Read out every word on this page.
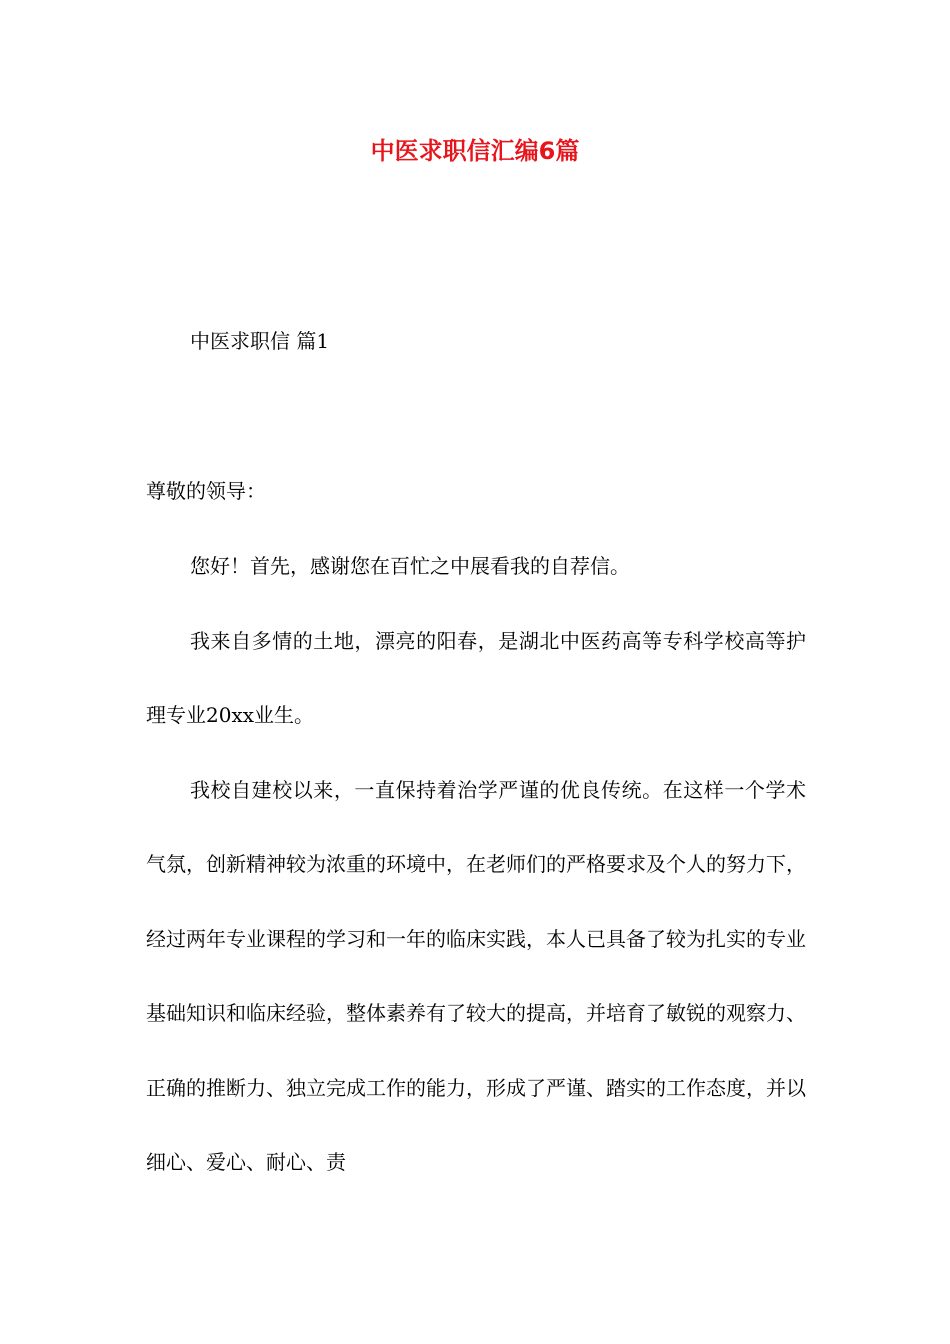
中医求职信汇编6篇

中医求职信 篇1

尊敬的领导：

您好！首先，感谢您在百忙之中展看我的自荐信。

我来自多情的土地，漂亮的阳春，是湖北中医药高等专科学校高等护理专业20xx业生。

我校自建校以来，一直保持着治学严谨的优良传统。在这样一个学术气氛，创新精神较为浓重的环境中，在老师们的严格要求及个人的努力下，经过两年专业课程的学习和一年的临床实践，本人已具备了较为扎实的专业基础知识和临床经验，整体素养有了较大的提高，并培育了敏锐的观察力、正确的推断力、独立完成工作的能力，形成了严谨、踏实的工作态度，并以细心、爱心、耐心、责
